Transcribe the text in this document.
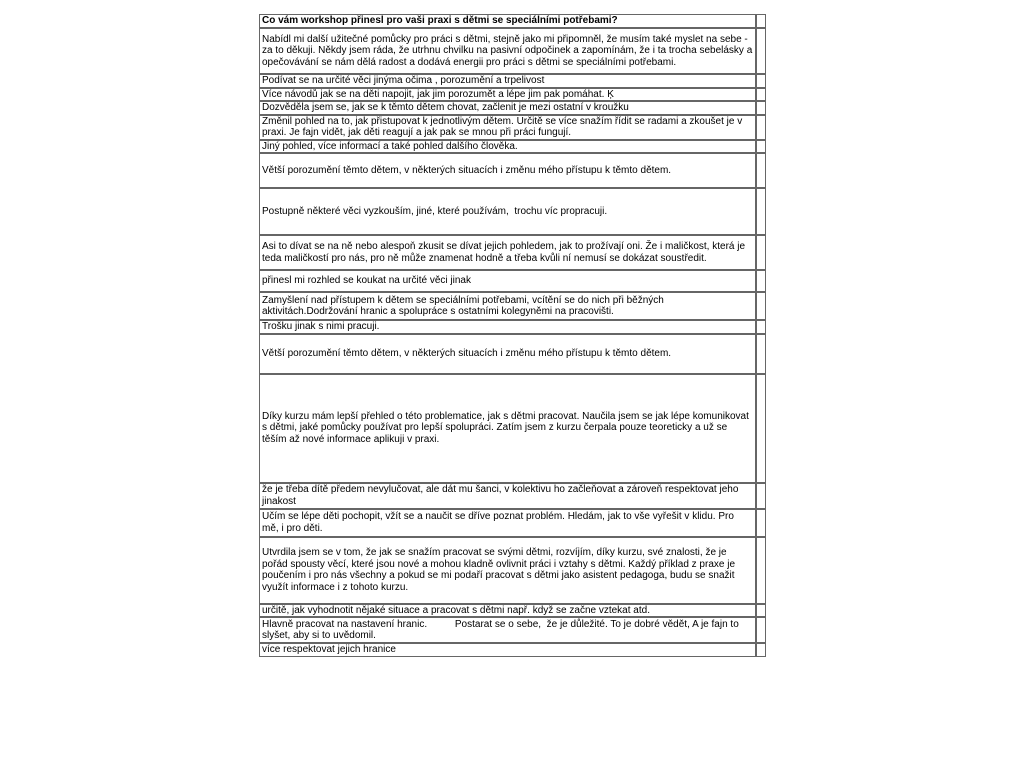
Co vám workshop přinesl pro vaši praxi s dětmi se speciálními potřebami?	
Nabídl mi další užitečné pomůcky pro práci s dětmi, stejně jako mi připomněl, že musím také myslet na sebe - za to děkuji. Někdy jsem ráda, že utrhnu chvilku na pasivní odpočinek a zapomínám, že i ta trocha sebelásky a opečovávání se nám dělá radost a dodává energii pro práci s dětmi se speciálními potřebami.	
Podívat se na určité věci jinýma očima , porozumění a trpelivost	
Více návodů jak se na děti napojit, jak jim porozumět a lépe jim pak pomáhat. Ķ	
Dozvěděla jsem se, jak se k těmto dětem chovat, začlenit je mezi ostatní v kroužku	
Změnil pohled na to, jak přistupovat k jednotlivým dětem. Určitě se více snažím řídit se radami a zkoušet je v praxi. Je fajn vidět, jak děti reagují a jak pak se mnou při práci fungují.	
Jiný pohled, více informací a také pohled dalšího člověka.	
Větší porozumění těmto dětem, v některých situacích i změnu mého přístupu k těmto dětem.	
Postupně některé věci vyzkouším, jiné, které používám,  trochu víc propracuji.	
Asi to dívat se na ně nebo alespoň zkusit se dívat jejich pohledem, jak to prožívají oni. Že i maličkost, která je teda maličkostí pro nás, pro ně může znamenat hodně a třeba kvůli ní nemusí se dokázat soustředit.	
přinesl mi rozhled se koukat na určité věci jinak	
Zamyšlení nad přístupem k dětem se speciálními potřebami, vcítění se do nich při běžných aktivitách.Dodržování hranic a spolupráce s ostatními kolegyněmi na pracovišti.	
Trošku jinak s nimi pracuji.	
Větší porozumění těmto dětem, v některých situacích i změnu mého přístupu k těmto dětem.	
Díky kurzu mám lepší přehled o této problematice, jak s dětmi pracovat. Naučila jsem se jak lépe komunikovat s dětmi, jaké pomůcky používat pro lepší spolupráci. Zatím jsem z kurzu čerpala pouze teoreticky a už se těším až nové informace aplikuji v praxi.	
že je třeba dítě předem nevylučovat, ale dát mu šanci, v kolektivu ho začleňovat a zároveň respektovat jeho jinakost	
Učím se lépe děti pochopit, vžít se a naučit se dříve poznat problém. Hledám, jak to vše vyřešit v klidu. Pro mě, i pro děti.	
Utvrdila jsem se v tom, že jak se snažím pracovat se svými dětmi, rozvíjím, díky kurzu, své znalosti, že je pořád spousty věcí, které jsou nové a mohou kladně ovlivnit práci i vztahy s dětmi. Každý příklad z praxe je poučením i pro nás všechny a pokud se mi podaří pracovat s dětmi jako asistent pedagoga, budu se snažit využít informace i z tohoto kurzu.	
určitě, jak vyhodnotit nějaké situace a pracovat s dětmi např. když se začne vztekat atd.	
Hlavně pracovat na nastavení hranic.          Postarat se o sebe,  že je důležité. To je dobré vědět, A je fajn to slyšet, aby si to uvědomil.	
více respektovat jejich hranice	
